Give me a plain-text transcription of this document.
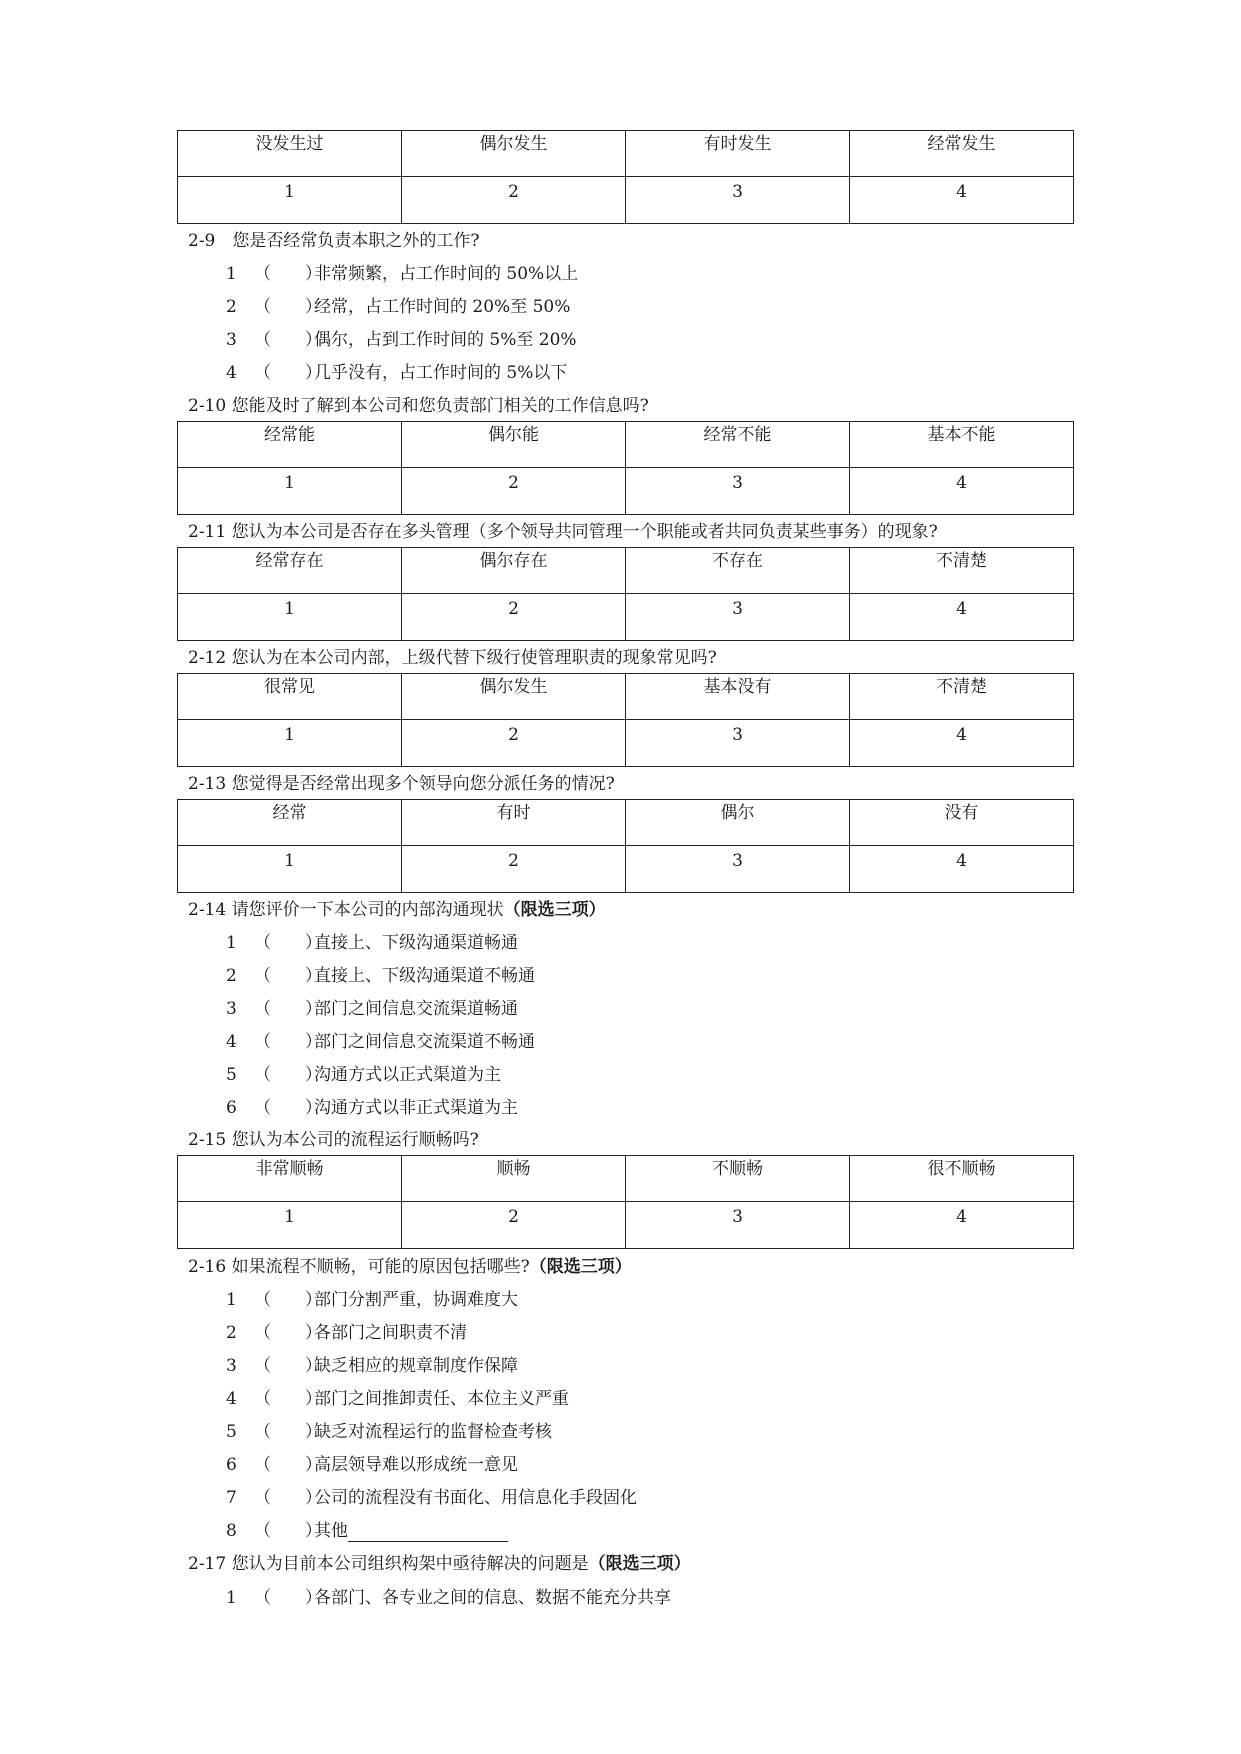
没发生过	偶尔发生	有时发生	经常发生
1	2	3	4
2-9　您是否经常负责本职之外的工作?
1	（　　）
非常频繁，占工作时间的 50%以上
2	（　　）
经常，占工作时间的 20%至 50%
3	（　　）
偶尔，占到工作时间的 5%至 20%
4	（　　）
几乎没有，占工作时间的 5%以下
2-10 您能及时了解到本公司和您负责部门相关的工作信息吗?
经常能	偶尔能	经常不能	基本不能
1	2	3	4
2-11 您认为本公司是否存在多头管理（多个领导共同管理一个职能或者共同负责某些事务）的现象?
经常存在	偶尔存在	不存在	不清楚
1	2	3	4
2-12 您认为在本公司内部，上级代替下级行使管理职责的现象常见吗?
很常见	偶尔发生	基本没有	不清楚
1	2	3	4
2-13 您觉得是否经常出现多个领导向您分派任务的情况?
经常	有时	偶尔	没有
1	2	3	4
2-14 请您评价一下本公司的内部沟通现状（限选三项）
1	（　　）
直接上、下级沟通渠道畅通
2	（　　）
直接上、下级沟通渠道不畅通
3	（　　）
部门之间信息交流渠道畅通
4	（　　）
部门之间信息交流渠道不畅通
5	（　　）
沟通方式以正式渠道为主
6	（　　）
沟通方式以非正式渠道为主
2-15 您认为本公司的流程运行顺畅吗?
非常顺畅	顺畅	不顺畅	很不顺畅
1	2	3	4
2-16 如果流程不顺畅，可能的原因包括哪些?（限选三项）
1	（　　）
部门分割严重，协调难度大
2	（　　）
各部门之间职责不清
3	（　　）
缺乏相应的规章制度作保障
4	（　　）
部门之间推卸责任、本位主义严重
5	（　　）
缺乏对流程运行的监督检查考核
6	（　　）
高层领导难以形成统一意见
7	（　　）
公司的流程没有书面化、用信息化手段固化
8	（　　）
其他
2-17 您认为目前本公司组织构架中亟待解决的问题是（限选三项）
1	（　　）
各部门、各专业之间的信息、数据不能充分共享
